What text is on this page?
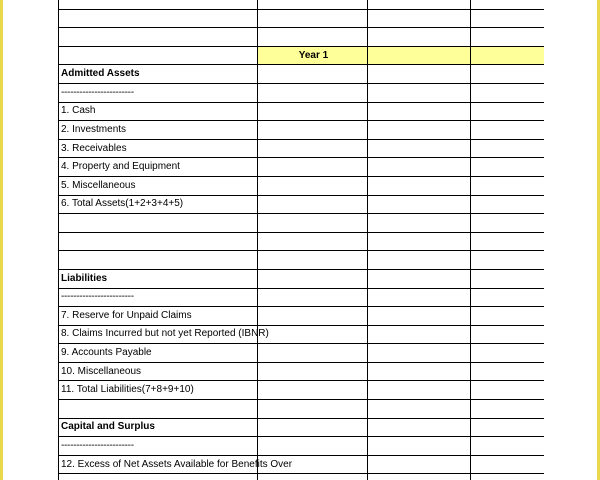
	Year 1		
Admitted Assets			
------------------------			
1. Cash			
2. Investments			
3. Receivables			
4. Property and Equipment			
5. Miscellaneous			
6. Total Assets(1+2+3+4+5)			

Liabilities			
------------------------			
7. Reserve for Unpaid Claims			
8. Claims Incurred but not yet Reported (IBNR)			
9. Accounts Payable			
10. Miscellaneous			
11. Total Liabilities(7+8+9+10)			

Capital and Surplus			
------------------------			
12. Excess of Net Assets Available for Benefits Over			
